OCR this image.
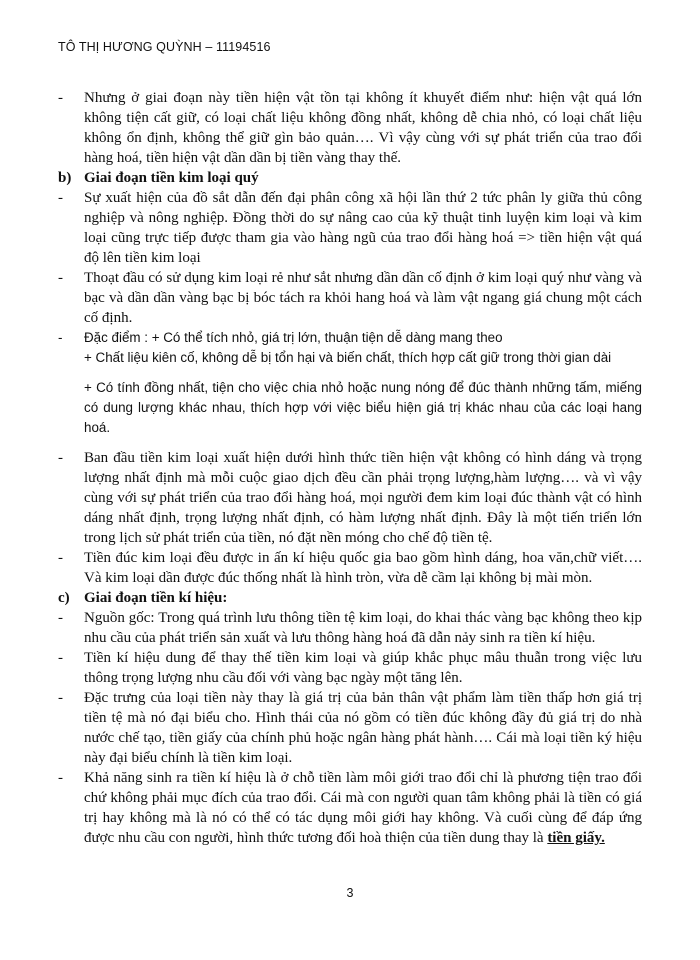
TÔ THỊ HƯƠNG QUỲNH – 11194516
-	Nhưng ở giai đoạn này tiền hiện vật tồn tại không ít khuyết điểm như: hiện vật quá lớn không tiện cất giữ, có loại chất liệu không đồng nhất, không dễ chia nhỏ, có loại chất liệu không ổn định, không thể giữ gìn bảo quản…. Vì vậy cùng với sự phát triển của trao đổi hàng hoá, tiền hiện vật dần dần bị tiền vàng thay thế.
b) Giai đoạn tiền kim loại quý
-	Sự xuất hiện của đồ sắt dẫn đến đại phân công xã hội lần thứ 2 tức phân ly giữa thủ công nghiệp và nông nghiệp. Đồng thời do sự nâng cao của kỹ thuật tinh luyện kim loại và kim loại cũng trực tiếp được tham gia vào hàng ngũ của trao đổi hàng hoá => tiền hiện vật quá độ lên tiền kim loại
-	Thoạt đầu có sử dụng kim loại rẻ như sắt nhưng dần dần cố định ở kim loại quý như vàng và bạc và dần dần vàng bạc bị bóc tách ra khỏi hang hoá và làm vật ngang giá chung một cách cố định.
-	Đặc điểm : + Có thể tích nhỏ, giá trị lớn, thuận tiện dễ dàng mang theo
+ Chất liệu kiên cố, không dễ bị tổn hại và biến chất, thích hợp cất giữ trong thời gian dài
+ Có tính đồng nhất, tiện cho việc chia nhỏ hoặc nung nóng để đúc thành những tấm, miếng có dung lượng khác nhau, thích hợp với việc biểu hiện giá trị khác nhau của các loại hang hoá.
-	Ban đầu tiền kim loại xuất hiện dưới hình thức tiền hiện vật không có hình dáng và trọng lượng nhất định mà mỗi cuộc giao dịch đều cần phải trọng lượng,hàm lượng…. và vì vậy cùng với sự phát triển của trao đổi hàng hoá, mọi người đem kim loại đúc thành vật có hình dáng nhất định, trọng lượng nhất định, có hàm lượng nhất định. Đây là một tiến triển lớn trong lịch sử phát triển của tiền, nó đặt nền móng cho chế độ tiền tệ.
-	Tiền đúc kim loại đều được in ấn kí hiệu quốc gia bao gồm hình dáng, hoa văn,chữ viết…. Và kim loại dần được đúc thống nhất là hình tròn, vừa dễ cầm lại không bị mài mòn.
c) Giai đoạn tiền kí hiệu:
-	Nguồn gốc: Trong quá trình lưu thông tiền tệ kim loại, do khai thác vàng bạc không theo kịp nhu cầu của phát triển sản xuất và lưu thông hàng hoá đã dẫn nảy sinh ra tiền kí hiệu.
-	Tiền kí hiệu dung để thay thế tiền kim loại và giúp khắc phục mâu thuẫn trong việc lưu thông trọng lượng nhu cầu đối với vàng bạc ngày một tăng lên.
-	Đặc trưng của loại tiền này thay là giá trị của bản thân vật phẩm làm tiền thấp hơn giá trị tiền tệ mà nó đại biểu cho. Hình thái của nó gồm có tiền đúc không đầy đủ giá trị do nhà nước chế tạo, tiền giấy của chính phủ hoặc ngân hàng phát hành…. Cái mà loại tiền ký hiệu này đại biểu chính là tiền kim loại.
-	Khả năng sinh ra tiền kí hiệu là ở chỗ tiền làm môi giới trao đổi chỉ là phương tiện trao đổi chứ không phải mục đích của trao đổi. Cái mà con người quan tâm không phải là tiền có giá trị hay không mà là nó có thể có tác dụng môi giới hay không. Và cuối cùng để đáp ứng được nhu cầu con người, hình thức tương đối hoà thiện của tiền dung thay là tiền giấy.
3
